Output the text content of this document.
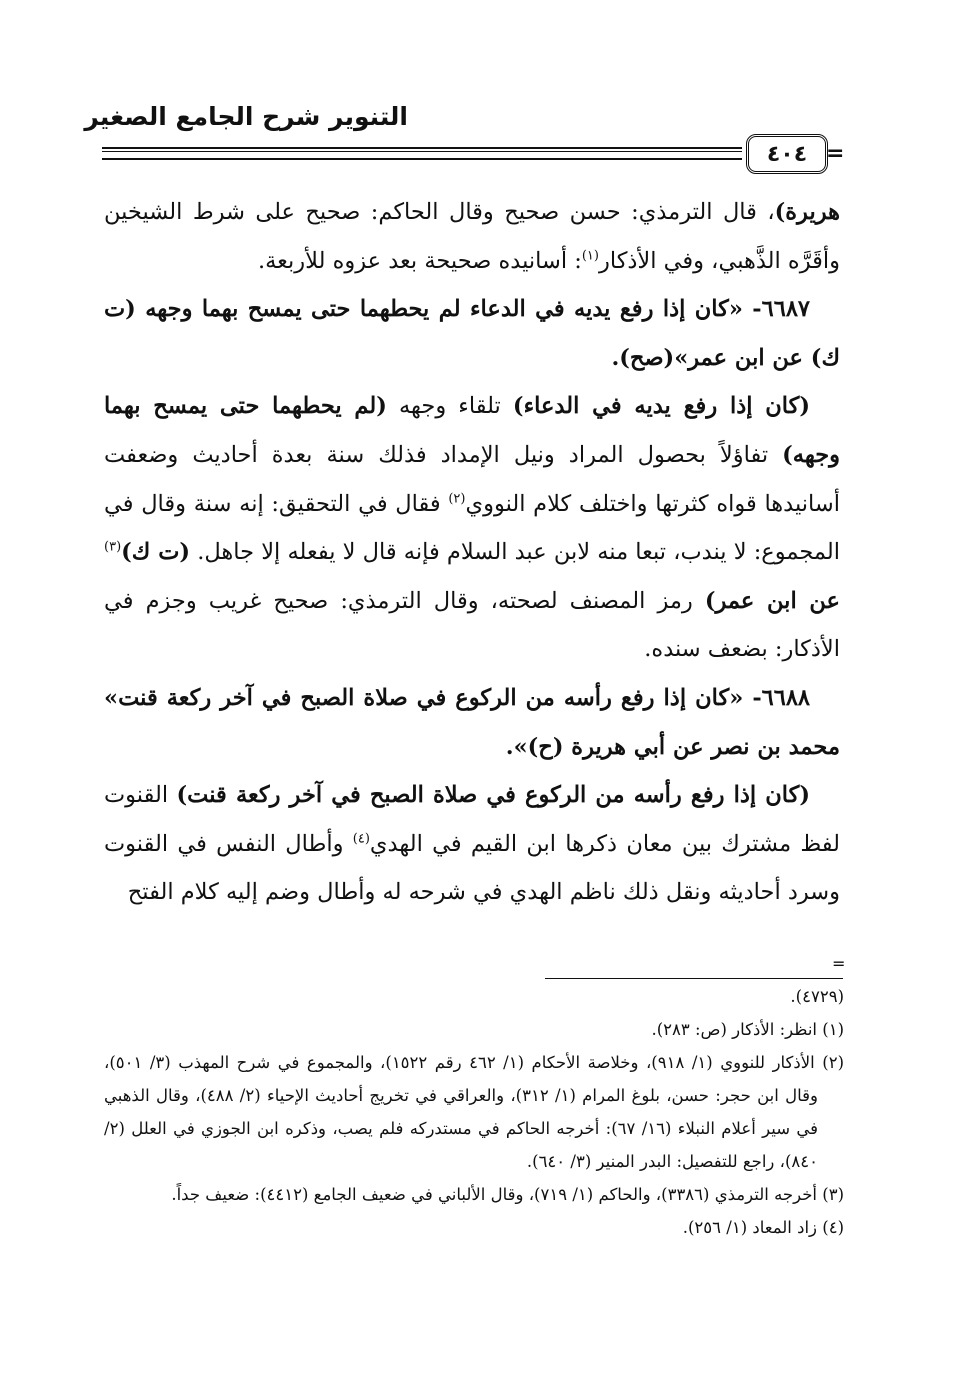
التنوير شرح الجامع الصغير
٤٠٤ =

هريرة)، قال الترمذي: حسن صحيح وقال الحاكم: صحيح على شرط الشيخين وأقَرَّه الذَّهبي، وفي الأذكار$^{(١)}$: أسانيده صحيحة بعد عزوه للأربعة.

٦٦٨٧- «كان إذا رفع يديه في الدعاء لم يحطهما حتى يمسح بهما وجهه (ت ك) عن ابن عمر»(صح).

(كان إذا رفع يديه في الدعاء) تلقاء وجهه (لم يحطهما حتى يمسح بهما وجهه) تفاؤلاً بحصول المراد ونيل الإمداد فذلك سنة بعدة أحاديث وضعفت أسانيدها قواه كثرتها واختلف كلام النووي$^{(٢)}$ فقال في التحقيق: إنه سنة وقال في المجموع: لا يندب، تبعا منه لابن عبد السلام فإنه قال لا يفعله إلا جاهل. (ت ك)$^{(٣)}$ عن ابن عمر) رمز المصنف لصحته، وقال الترمذي: صحيح غريب وجزم في الأذكار: بضعف سنده.

٦٦٨٨- «كان إذا رفع رأسه من الركوع في صلاة الصبح في آخر ركعة قنت» محمد بن نصر عن أبي هريرة (ح)».

(كان إذا رفع رأسه من الركوع في صلاة الصبح في آخر ركعة قنت) القنوت لفظ مشترك بين معان ذكرها ابن القيم في الهدي$^{(٤)}$ وأطال النفس في القنوت وسرد أحاديثه ونقل ذلك ناظم الهدي في شرحه له وأطال وضم إليه كلام الفتح

=

(٤٧٢٩).

(١) انظر: الأذكار (ص: ٢٨٣).

(٢) الأذكار للنووي (١/ ٩١٨)، وخلاصة الأحكام (١/ ٤٦٢ رقم ١٥٢٢)، والمجموع في شرح المهذب (٣/ ٥٠١)، وقال ابن حجر: حسن، بلوغ المرام (١/ ٣١٢)، والعراقي في تخريج أحاديث الإحياء (٢/ ٤٨٨)، وقال الذهبي في سير أعلام النبلاء (١٦/ ٦٧): أخرجه الحاكم في مستدركه فلم يصب، وذكره ابن الجوزي في العلل (٢/ ٨٤٠)، راجع للتفصيل: البدر المنير (٣/ ٦٤٠).

(٣) أخرجه الترمذي (٣٣٨٦)، والحاكم (١/ ٧١٩)، وقال الألباني في ضعيف الجامع (٤٤١٢): ضعيف جداً.

(٤) زاد المعاد (١/ ٢٥٦).
